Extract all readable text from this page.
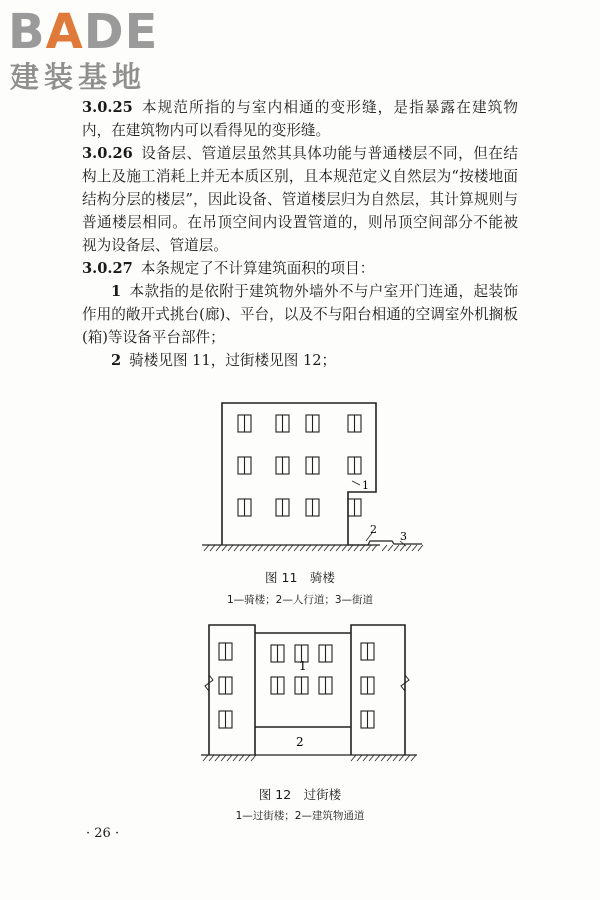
BADE
建装基地

3.0.25 本规范所指的与室内相通的变形缝，是指暴露在建筑物内，在建筑物内可以看得见的变形缝。

3.0.26 设备层、管道层虽然其具体功能与普通楼层不同，但在结构上及施工消耗上并无本质区别，且本规范定义自然层为“按楼地面结构分层的楼层”，因此设备、管道楼层归为自然层，其计算规则与普通楼层相同。在吊顶空间内设置管道的，则吊顶空间部分不能被视为设备层、管道层。

3.0.27 本条规定了不计算建筑面积的项目：

1 本款指的是依附于建筑物外墙外不与户室开门连通，起装饰作用的敞开式挑台(廊)、平台，以及不与阳台相通的空调室外机搁板(箱)等设备平台部件；

2 骑楼见图 11，过街楼见图 12；

1
2
3
图 11　骑楼
1—骑楼；2—人行道；3—街道
1
2
图 12　过街楼
1—过街楼；2—建筑物通道
· 26 ·
